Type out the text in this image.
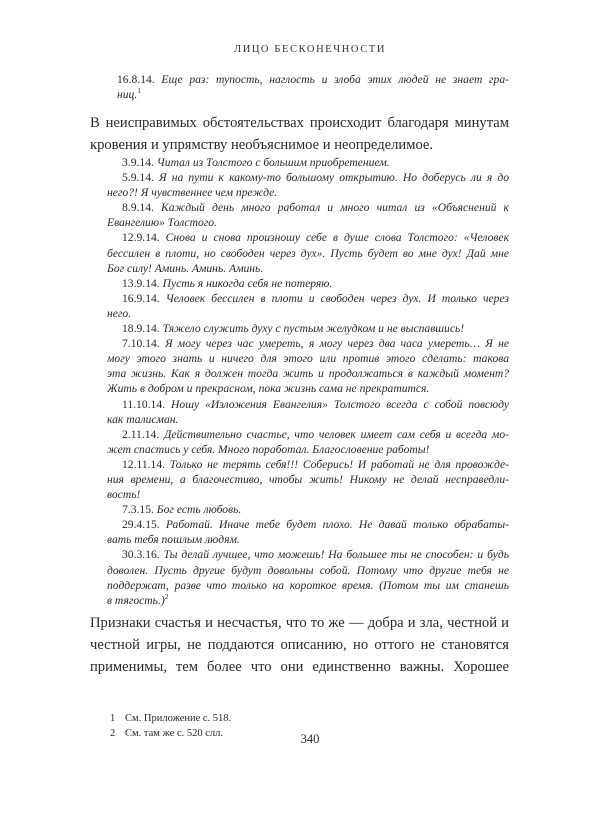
ЛИЦО БЕСКОНЕЧНОСТИ
16.8.14. Еще раз: тупость, наглость и злоба этих людей не знает гра-
ниц.$^1$
В неисправимых обстоятельствах происходит благодаря минутам
кровения и упрямству необъяснимое и неопределимое.
3.9.14. Читал из Толстого с большим приобретением.
5.9.14. Я на пути к какому-то большому открытию. Но доберусь ли я до
него?! Я чувственнее чем прежде.
8.9.14. Каждый день много работал и много читал из «Объяснений к
Евангелию» Толстого.
12.9.14. Снова и снова произношу себе в душе слова Толстого: «Человек
бессилен в плоти, но свободен через дух». Пусть будет во мне дух! Дай мне
Бог силу! Аминь. Аминь. Аминь.
13.9.14. Пусть я никогда себя не потеряю.
16.9.14. Человек бессилен в плоти и свободен через дух. И только через
него.
18.9.14. Тяжело служить духу с пустым желудком и не выспавшись!
7.10.14. Я могу через час умереть, я могу через два часа умереть… Я не
могу этого знать и ничего для этого или против этого сделать: такова
эта жизнь. Как я должен тогда жить и продолжаться в каждый момент?
Жить в добром и прекрасном, пока жизнь сама не прекратится.
11.10.14. Ношу «Изложения Евангелия» Толстого всегда с собой повсюду
как талисман.
2.11.14. Действительно счастье, что человек имеет сам себя и всегда мо-
жет спастись у себя. Много поработал. Благословение работы!
12.11.14. Только не терять себя!!! Соберись! И работай не для провожде-
ния времени, а благочестиво, чтобы жить! Никому не делай несправедли-
вость!
7.3.15. Бог есть любовь.
29.4.15. Работай. Иначе тебе будет плохо. Не давай только обрабаты-
вать тебя пошлым людям.
30.3.16. Ты делай лучшее, что можешь! На большее ты не способен: и будь
доволен. Пусть другие будут довольны собой. Потому что другие тебя не
поддержат, разве что только на короткое время. (Потом ты им станешь
в тягость.)$^2$
Признаки счастья и несчастья, что то же — добра и зла, честной и
честной игры, не поддаются описанию, но оттого не становятся
применимы, тем более что они единственно важны. Хорошее
1 См. Приложение с. 518.
2 См. там же с. 520 слл.	340
